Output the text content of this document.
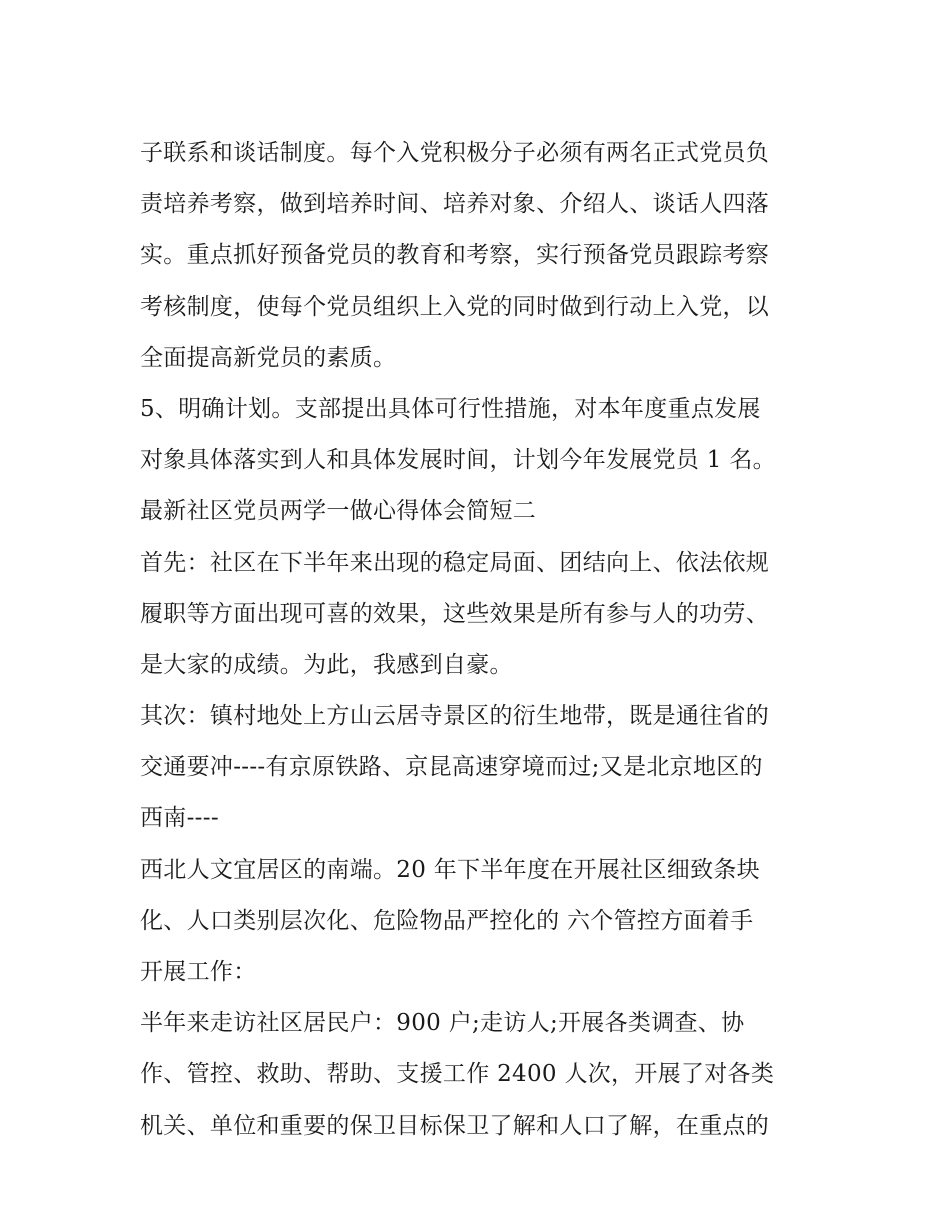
子联系和谈话制度。每个入党积极分子必须有两名正式党员负
责培养考察，做到培养时间、培养对象、介绍人、谈话人四落
实。重点抓好预备党员的教育和考察，实行预备党员跟踪考察
考核制度，使每个党员组织上入党的同时做到行动上入党，以
全面提高新党员的素质。
5、明确计划。支部提出具体可行性措施，对本年度重点发展
对象具体落实到人和具体发展时间，计划今年发展党员 1 名。
最新社区党员两学一做心得体会简短二
首先：社区在下半年来出现的稳定局面、团结向上、依法依规
履职等方面出现可喜的效果，这些效果是所有参与人的功劳、
是大家的成绩。为此，我感到自豪。
其次：镇村地处上方山云居寺景区的衍生地带，既是通往省的
交通要冲----有京原铁路、京昆高速穿境而过;又是北京地区的
西南----
西北人文宜居区的南端。20 年下半年度在开展社区细致条块
化、人口类别层次化、危险物品严控化的 六个管控方面着手
开展工作：
半年来走访社区居民户：900 户;走访人;开展各类调查、协
作、管控、救助、帮助、支援工作 2400 人次，开展了对各类
机关、单位和重要的保卫目标保卫了解和人口了解，在重点的
